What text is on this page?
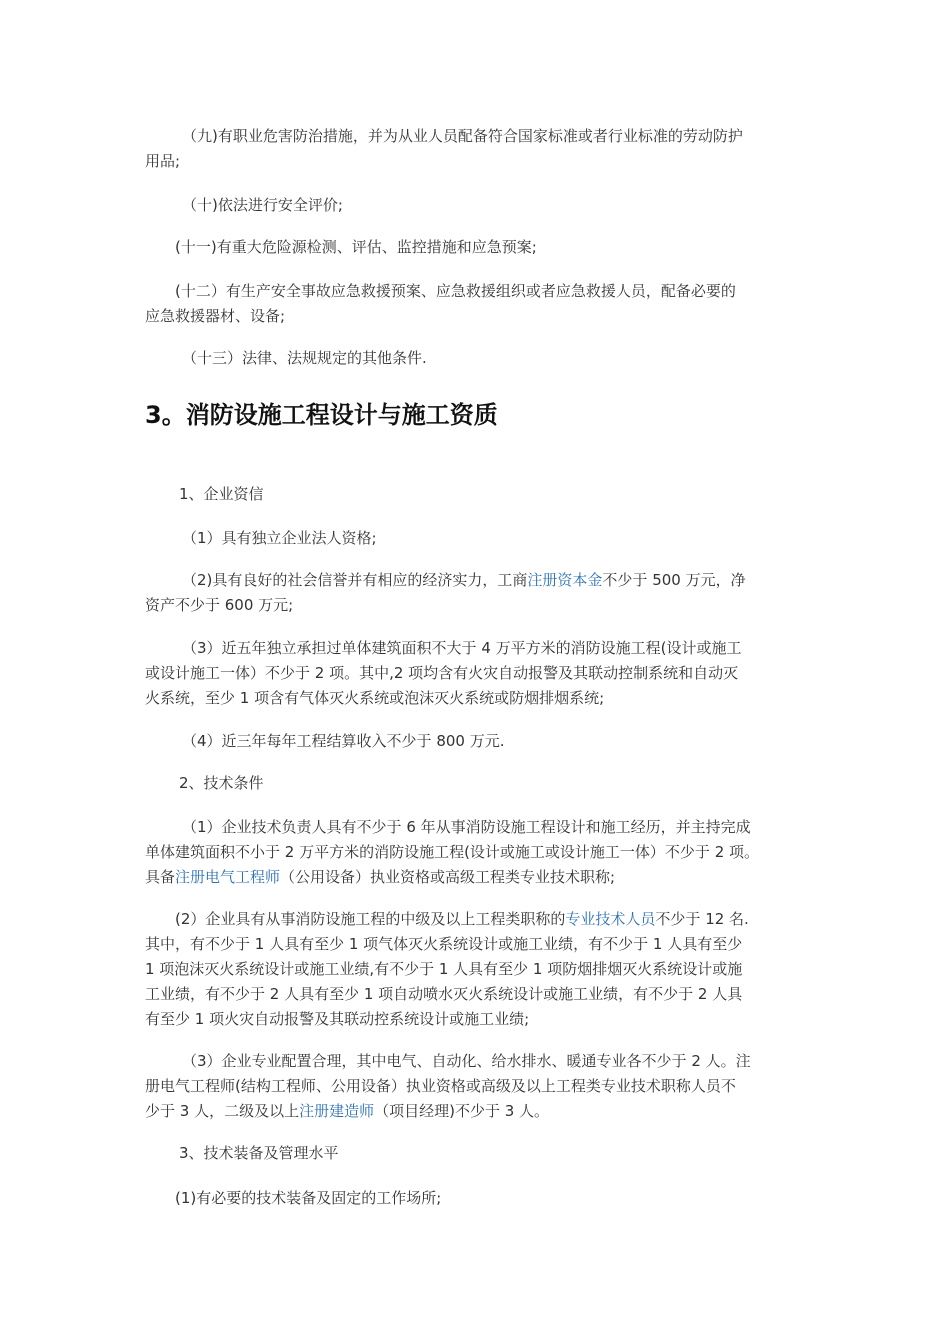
（九)有职业危害防治措施，并为从业人员配备符合国家标准或者行业标准的劳动防护
用品;

（十)依法进行安全评价;

(十一)有重大危险源检测、评估、监控措施和应急预案;

(十二）有生产安全事故应急救援预案、应急救援组织或者应急救援人员，配备必要的
应急救援器材、设备;

（十三）法律、法规规定的其他条件.

3。消防设施工程设计与施工资质

1、企业资信

（1）具有独立企业法人资格;

（2)具有良好的社会信誉并有相应的经济实力，工商注册资本金不少于 500 万元，净
资产不少于 600 万元;

（3）近五年独立承担过单体建筑面积不大于 4 万平方米的消防设施工程(设计或施工
或设计施工一体）不少于 2 项。其中,2 项均含有火灾自动报警及其联动控制系统和自动灭
火系统，至少 1 项含有气体灭火系统或泡沫灭火系统或防烟排烟系统;

（4）近三年每年工程结算收入不少于 800 万元.

2、技术条件

（1）企业技术负责人具有不少于 6 年从事消防设施工程设计和施工经历，并主持完成
单体建筑面积不小于 2 万平方米的消防设施工程(设计或施工或设计施工一体）不少于 2 项。
具备注册电气工程师（公用设备）执业资格或高级工程类专业技术职称;

(2）企业具有从事消防设施工程的中级及以上工程类职称的专业技术人员不少于 12 名.
其中，有不少于 1 人具有至少 1 项气体灭火系统设计或施工业绩，有不少于 1 人具有至少
1 项泡沫灭火系统设计或施工业绩,有不少于 1 人具有至少 1 项防烟排烟灭火系统设计或施
工业绩，有不少于 2 人具有至少 1 项自动喷水灭火系统设计或施工业绩，有不少于 2 人具
有至少 1 项火灾自动报警及其联动控系统设计或施工业绩;

（3）企业专业配置合理，其中电气、自动化、给水排水、暖通专业各不少于 2 人。注
册电气工程师(结构工程师、公用设备）执业资格或高级及以上工程类专业技术职称人员不
少于 3 人，二级及以上注册建造师（项目经理)不少于 3 人。

3、技术装备及管理水平

(1)有必要的技术装备及固定的工作场所;
